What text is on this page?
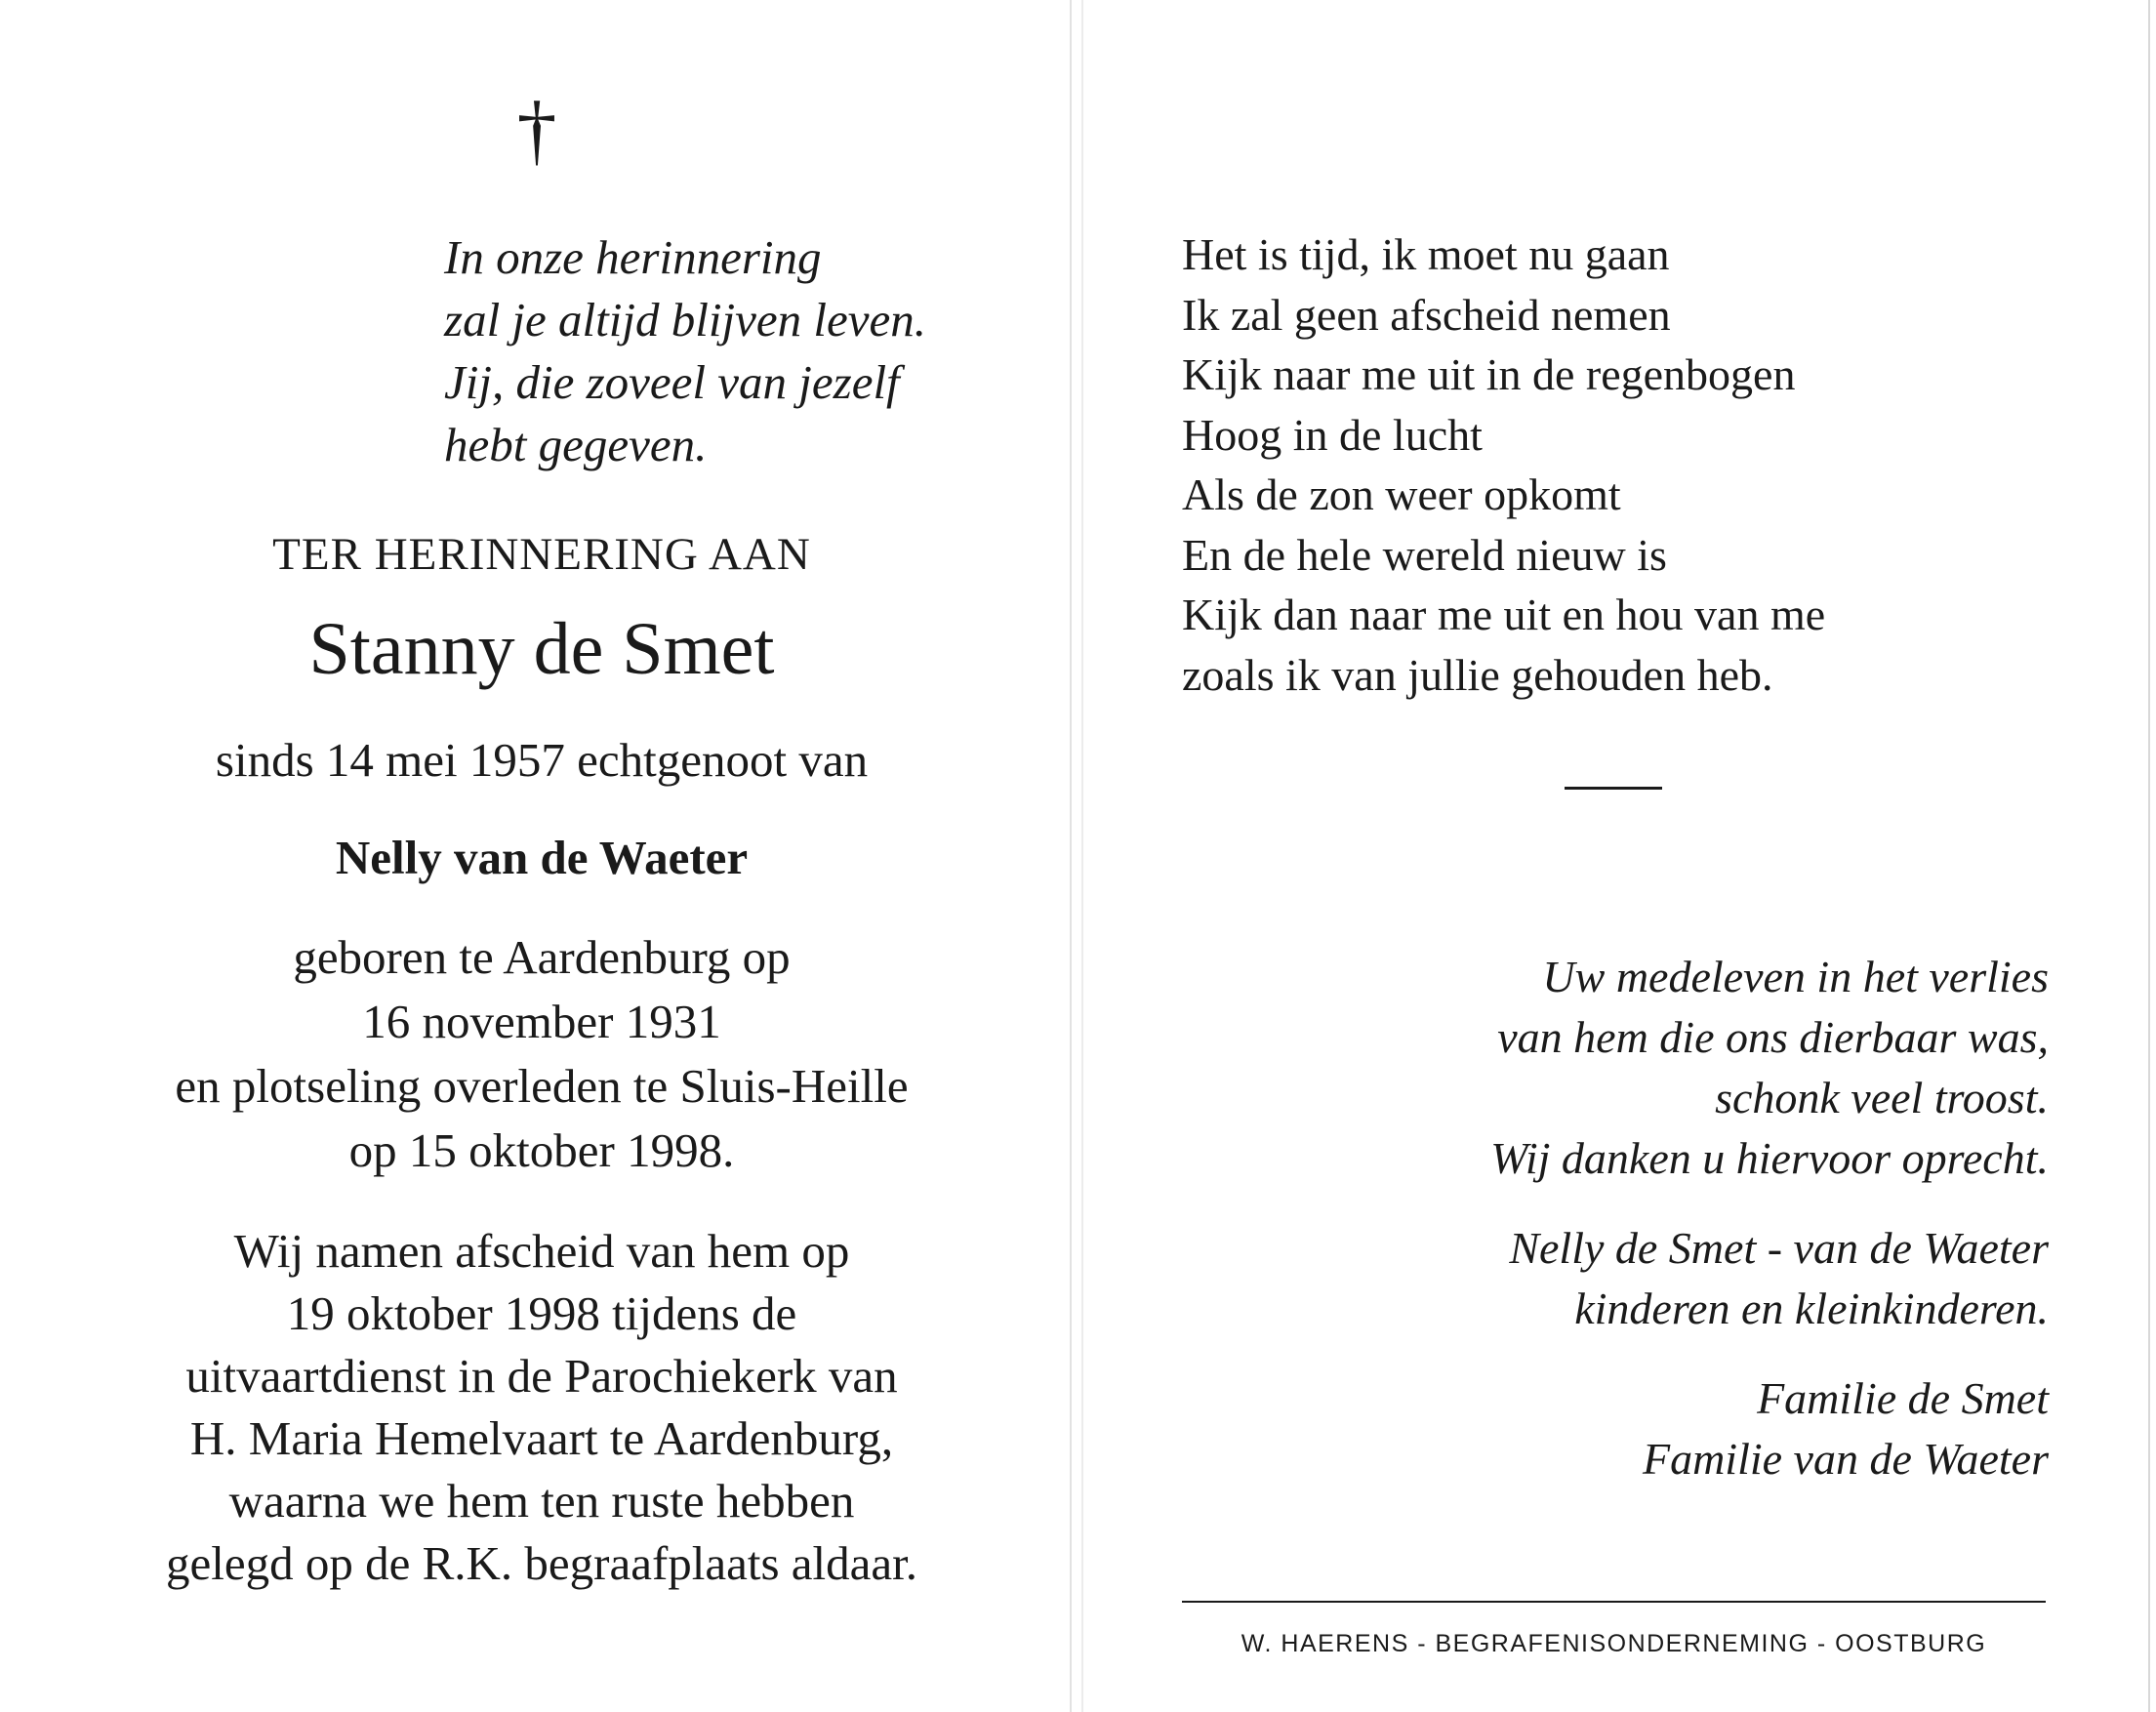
†
In onze herinnering
zal je altijd blijven leven.
Jij, die zoveel van jezelf
hebt gegeven.
TER HERINNERING AAN
Stanny de Smet
sinds 14 mei 1957 echtgenoot van
Nelly van de Waeter
geboren te Aardenburg op
16 november 1931
en plotseling overleden te Sluis-Heille
op 15 oktober 1998.
Wij namen afscheid van hem op
19 oktober 1998 tijdens de
uitvaartdienst in de Parochiekerk van
H. Maria Hemelvaart te Aardenburg,
waarna we hem ten ruste hebben
gelegd op de R.K. begraafplaats aldaar.
Het is tijd, ik moet nu gaan
Ik zal geen afscheid nemen
Kijk naar me uit in de regenbogen
Hoog in de lucht
Als de zon weer opkomt
En de hele wereld nieuw is
Kijk dan naar me uit en hou van me
zoals ik van jullie gehouden heb.
Uw medeleven in het verlies
van hem die ons dierbaar was,
schonk veel troost.
Wij danken u hiervoor oprecht.
Nelly de Smet - van de Waeter
kinderen en kleinkinderen.
Familie de Smet
Familie van de Waeter
W. HAERENS - BEGRAFENISONDERNEMING - OOSTBURG
